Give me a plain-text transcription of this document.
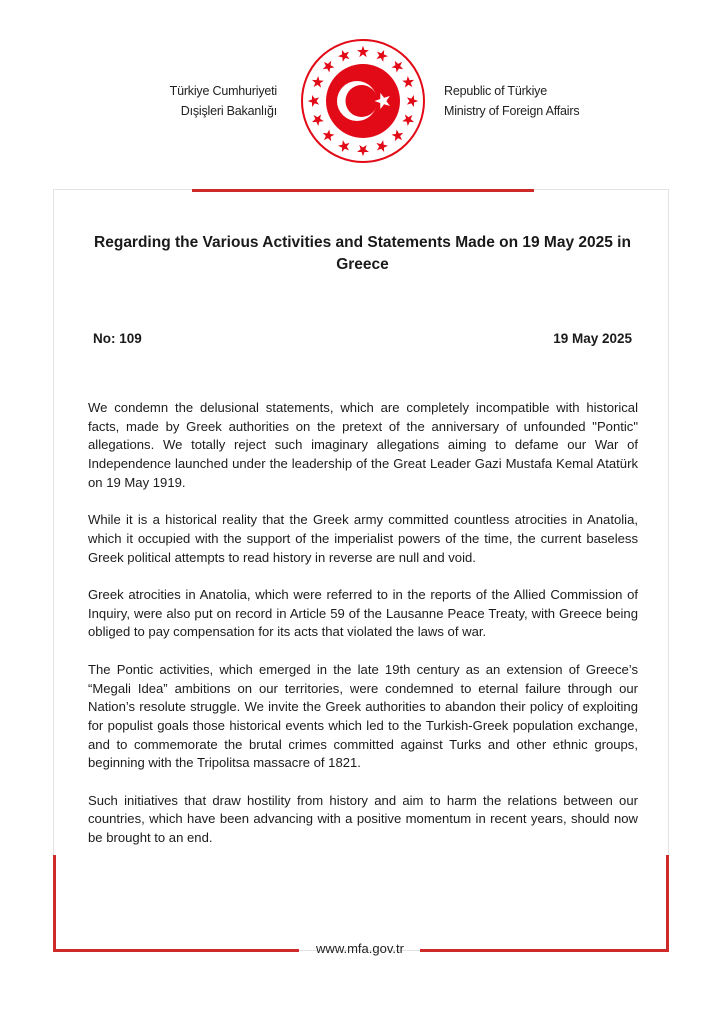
Türkiye Cumhuriyeti
Dışişleri Bakanlığı
Republic of Türkiye
Ministry of Foreign Affairs
Regarding the Various Activities and Statements Made on 19 May 2025 in Greece
No: 109	19 May 2025

We condemn the delusional statements, which are completely incompatible with historical facts, made by Greek authorities on the pretext of the anniversary of unfounded "Pontic" allegations. We totally reject such imaginary allegations aiming to defame our War of Independence launched under the leadership of the Great Leader Gazi Mustafa Kemal Atatürk on 19 May 1919.

While it is a historical reality that the Greek army committed countless atrocities in Anatolia, which it occupied with the support of the imperialist powers of the time, the current baseless Greek political attempts to read history in reverse are null and void.

Greek atrocities in Anatolia, which were referred to in the reports of the Allied Commission of Inquiry, were also put on record in Article 59 of the Lausanne Peace Treaty, with Greece being obliged to pay compensation for its acts that violated the laws of war.

The Pontic activities, which emerged in the late 19th century as an extension of Greece’s “Megali Idea” ambitions on our territories, were condemned to eternal failure through our Nation’s resolute struggle. We invite the Greek authorities to abandon their policy of exploiting for populist goals those historical events which led to the Turkish-Greek population exchange, and to commemorate the brutal crimes committed against Turks and other ethnic groups, beginning with the Tripolitsa massacre of 1821.

Such initiatives that draw hostility from history and aim to harm the relations between our countries, which have been advancing with a positive momentum in recent years, should now be brought to an end.

www.mfa.gov.tr
